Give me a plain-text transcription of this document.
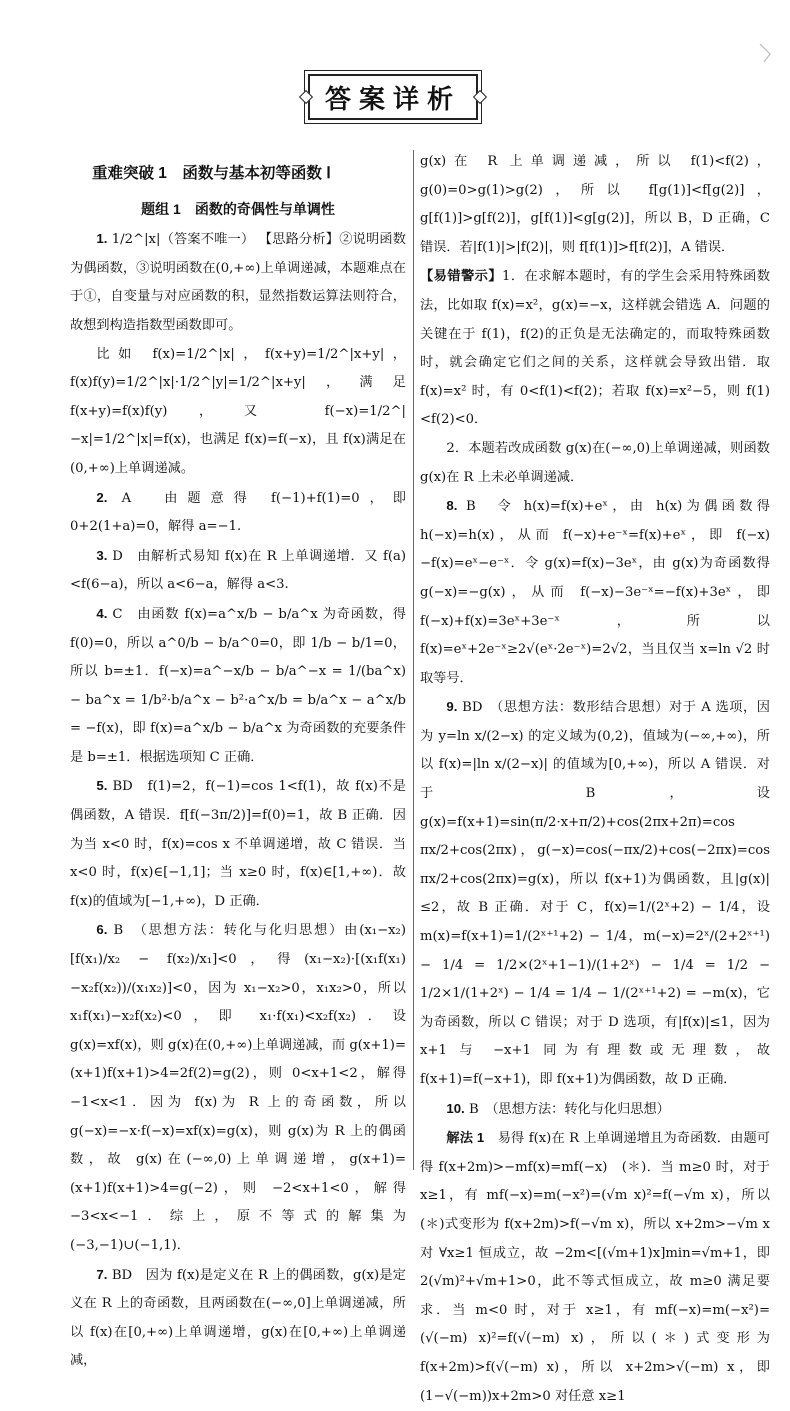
答案详析
重难突破 1　函数与基本初等函数 Ⅰ
题组 1　函数的奇偶性与单调性

1. 1/2^|x|（答案不唯一） 【思路分析】②说明函数为偶函数，③说明函数在(0,+∞)上单调递减，本题难点在于①，自变量与对应函数的积，显然指数运算法则符合，故想到构造指数型函数即可。

比如 f(x)=1/2^|x|，f(x+y)=1/2^|x+y|，f(x)f(y)=1/2^|x|·1/2^|y|=1/2^|x+y|，满足 f(x+y)=f(x)f(y)，又 f(−x)=1/2^|−x|=1/2^|x|=f(x)，也满足 f(x)=f(−x)，且 f(x)满足在(0,+∞)上单调递减。

2. A　由题意得 f(−1)+f(1)=0，即 0+2(1+a)=0，解得 a=−1.

3. D　由解析式易知 f(x)在 R 上单调递增．又 f(a)<f(6−a)，所以 a<6−a，解得 a<3.

4. C　由函数 f(x)=a^x/b − b/a^x 为奇函数，得 f(0)=0，所以 a^0/b − b/a^0=0，即 1/b − b/1=0，所以 b=±1．f(−x)=a^−x/b − b/a^−x = 1/(ba^x) − ba^x = 1/b²·b/a^x − b²·a^x/b = b/a^x − a^x/b = −f(x)，即 f(x)=a^x/b − b/a^x 为奇函数的充要条件是 b=±1．根据选项知 C 正确．

5. BD　f(1)=2，f(−1)=cos 1<f(1)，故 f(x)不是偶函数，A 错误．f[f(−3π/2)]=f(0)=1，故 B 正确．因为当 x<0 时，f(x)=cos x 不单调递增，故 C 错误．当 x<0 时，f(x)∈[−1,1]；当 x≥0 时，f(x)∈[1,+∞)．故 f(x)的值域为[−1,+∞)，D 正确．

6. B　（思想方法：转化与化归思想）由(x₁−x₂)[f(x₁)/x₂ − f(x₂)/x₁]<0，得(x₁−x₂)·[(x₁f(x₁)−x₂f(x₂))/(x₁x₂)]<0，因为 x₁−x₂>0，x₁x₂>0，所以 x₁f(x₁)−x₂f(x₂)<0，即 x₁·f(x₁)<x₂f(x₂)．设 g(x)=xf(x)，则 g(x)在(0,+∞)上单调递减，而 g(x+1)=(x+1)f(x+1)>4=2f(2)=g(2)，则 0<x+1<2，解得 −1<x<1．因为 f(x)为 R 上的奇函数，所以 g(−x)=−x·f(−x)=xf(x)=g(x)，则 g(x)为 R 上的偶函数，故 g(x)在(−∞,0)上单调递增，g(x+1)=(x+1)f(x+1)>4=g(−2)，则 −2<x+1<0，解得 −3<x<−1．综上，原不等式的解集为(−3,−1)∪(−1,1)．

7. BD　因为 f(x)是定义在 R 上的偶函数，g(x)是定义在 R 上的奇函数，且两函数在(−∞,0]上单调递减，所以 f(x)在[0,+∞)上单调递增，g(x)在[0,+∞)上单调递减，

g(x)在 R 上单调递减，所以 f(1)<f(2)，g(0)=0>g(1)>g(2)，所以 f[g(1)]<f[g(2)]，g[f(1)]>g[f(2)]，g[f(1)]<g[g(2)]，所以 B，D 正确，C 错误．若|f(1)|>|f(2)|，则 f[f(1)]>f[f(2)]，A 错误．

【易错警示】1．在求解本题时，有的学生会采用特殊函数法，比如取 f(x)=x²，g(x)=−x，这样就会错选 A．问题的关键在于 f(1)，f(2)的正负是无法确定的，而取特殊函数时，就会确定它们之间的关系，这样就会导致出错．取 f(x)=x² 时，有 0<f(1)<f(2)；若取 f(x)=x²−5，则 f(1)<f(2)<0．

2．本题若改成函数 g(x)在(−∞,0)上单调递减，则函数 g(x)在 R 上未必单调递减．

8. B　令 h(x)=f(x)+eˣ，由 h(x)为偶函数得 h(−x)=h(x)，从而 f(−x)+e⁻ˣ=f(x)+eˣ，即 f(−x)−f(x)=eˣ−e⁻ˣ．令 g(x)=f(x)−3eˣ，由 g(x)为奇函数得 g(−x)=−g(x)，从而 f(−x)−3e⁻ˣ=−f(x)+3eˣ，即 f(−x)+f(x)=3eˣ+3e⁻ˣ，所以 f(x)=eˣ+2e⁻ˣ≥2√(eˣ·2e⁻ˣ)=2√2，当且仅当 x=ln √2 时取等号．

9. BD　（思想方法：数形结合思想）对于 A 选项，因为 y=ln x/(2−x) 的定义域为(0,2)，值域为(−∞,+∞)，所以 f(x)=|ln x/(2−x)| 的值域为[0,+∞)，所以 A 错误．对于 B，设 g(x)=f(x+1)=sin(π/2·x+π/2)+cos(2πx+2π)=cos πx/2+cos(2πx)，g(−x)=cos(−πx/2)+cos(−2πx)=cos πx/2+cos(2πx)=g(x)，所以 f(x+1)为偶函数，且|g(x)|≤2，故 B 正确．对于 C，f(x)=1/(2ˣ+2) − 1/4，设 m(x)=f(x+1)=1/(2ˣ⁺¹+2) − 1/4，m(−x)=2ˣ/(2+2ˣ⁺¹) − 1/4 = 1/2×(2ˣ+1−1)/(1+2ˣ) − 1/4 = 1/2 − 1/2×1/(1+2ˣ) − 1/4 = 1/4 − 1/(2ˣ⁺¹+2) = −m(x)，它为奇函数，所以 C 错误；对于 D 选项，有|f(x)|≤1，因为 x+1 与 −x+1 同为有理数或无理数，故 f(x+1)=f(−x+1)，即 f(x+1)为偶函数，故 D 正确．

10. B　（思想方法：转化与化归思想）

解法 1　易得 f(x)在 R 上单调递增且为奇函数．由题可得 f(x+2m)>−mf(x)=mf(−x)　(＊)．当 m≥0 时，对于 x≥1，有 mf(−x)=m(−x²)=(√m x)²=f(−√m x)，所以(＊)式变形为 f(x+2m)>f(−√m x)，所以 x+2m>−√m x 对 ∀x≥1 恒成立，故 −2m<[(√m+1)x]min=√m+1，即 2(√m)²+√m+1>0，此不等式恒成立，故 m≥0 满足要求．当 m<0 时，对于 x≥1，有 mf(−x)=m(−x²)=(√(−m) x)²=f(√(−m) x)，所以(＊)式变形为 f(x+2m)>f(√(−m) x)，所以 x+2m>√(−m) x，即(1−√(−m))x+2m>0 对任意 x≥1
